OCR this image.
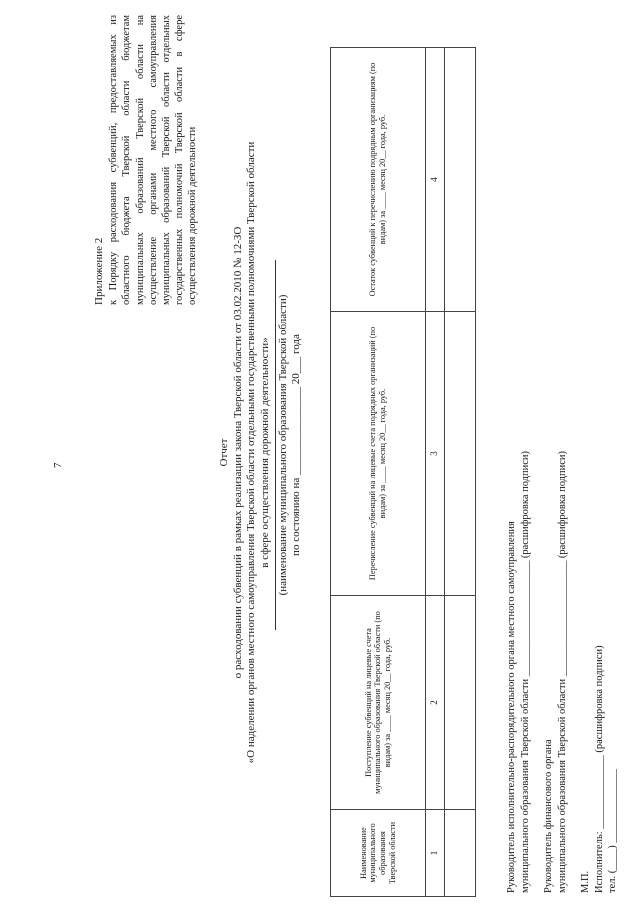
7
Приложение 2 к Порядку расходования субвенций, предоставляемых из областного бюджета Тверской области бюджетам муниципальных образований Тверской области на осуществление органами местного самоуправления муниципальных образований Тверской области отдельных государственных полномочий Тверской области в сфере осуществления дорожной деятельности
Отчет о расходовании субвенций в рамках реализации закона Тверской области от 03.02.2010 № 12-ЗО «О наделении органов местного самоуправления Тверской области отдельными государственными полномочиями Тверской области в сфере осуществления дорожной деятельности» (наименование муниципального образования Тверской области) по состоянию на ________________ 20___ года
Наименование муниципального образования Тверской области	Поступление субвенций на лицевые счета муниципального образования Тверской области (по видам) за ____ месяц 20__ года, руб.	Перечисление субвенций на лицевые счета подрядных организаций (по видам) за ____ месяц 20__ года, руб.	Остаток субвенций к перечислению подрядным организациям (по видам) за ____ месяц 20__ года, руб.
1	2	3	4

Руководитель исполнительно-распорядительного органа местного самоуправления муниципального образования Тверской области ______________________ (расшифровка подписи) Руководитель финансового органа муниципального образования Тверской области ______________________ (расшифровка подписи) М.П. Исполнитель: ______________ (расшифровка подписи) тел. (____) ______________
